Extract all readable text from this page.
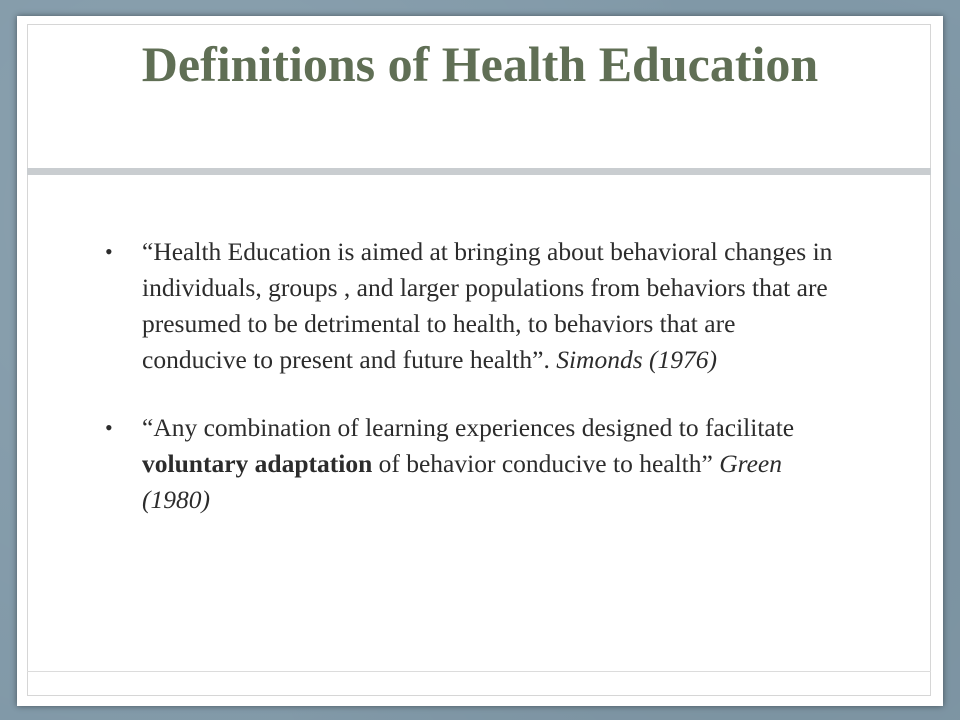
Definitions of Health Education
• “Health Education is aimed at bringing about behavioral changes in individuals, groups , and larger populations from behaviors that are presumed to be detrimental to health, to behaviors that are conducive to present and future health”. Simonds (1976)
• “Any combination of learning experiences designed to facilitate voluntary adaptation of behavior conducive to health” Green (1980)
